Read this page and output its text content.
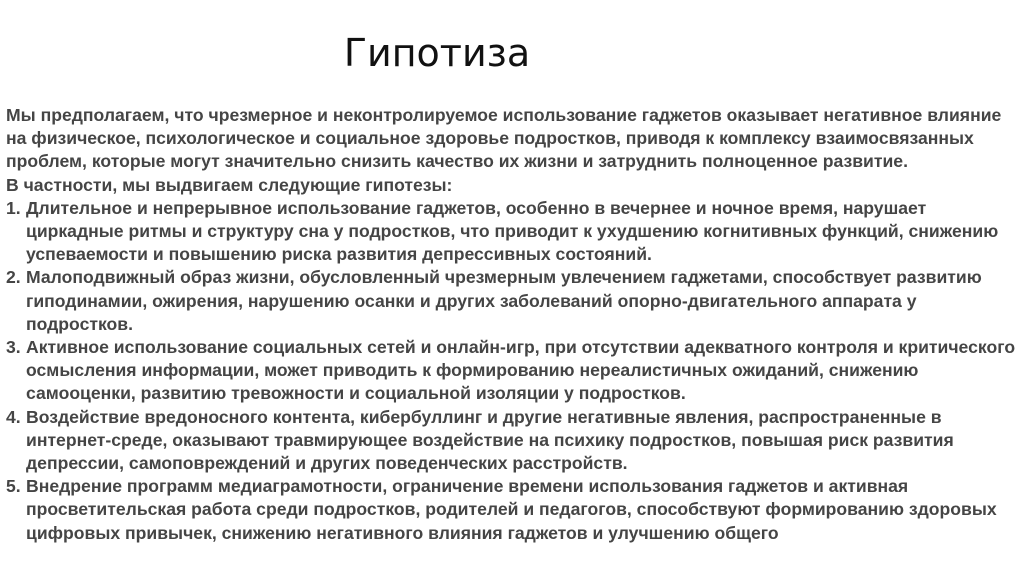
Гипотиза

Мы предполагаем, что чрезмерное и неконтролируемое использование гаджетов оказывает негативное влияние на физическое, психологическое и социальное здоровье подростков, приводя к комплексу взаимосвязанных проблем, которые могут значительно снизить качество их жизни и затруднить полноценное развитие.

В частности, мы выдвигаем следующие гипотезы:

1. Длительное и непрерывное использование гаджетов, особенно в вечернее и ночное время, нарушает циркадные ритмы и структуру сна у подростков, что приводит к ухудшению когнитивных функций, снижению успеваемости и повышению риска развития депрессивных состояний.
2. Малоподвижный образ жизни, обусловленный чрезмерным увлечением гаджетами, способствует развитию гиподинамии, ожирения, нарушению осанки и других заболеваний опорно-двигательного аппарата у подростков.
3. Активное использование социальных сетей и онлайн-игр, при отсутствии адекватного контроля и критического осмысления информации, может приводить к формированию нереалистичных ожиданий, снижению самооценки, развитию тревожности и социальной изоляции у подростков.
4. Воздействие вредоносного контента, кибербуллинг и другие негативные явления, распространенные в интернет-среде, оказывают травмирующее воздействие на психику подростков, повышая риск развития депрессии, самоповреждений и других поведенческих расстройств.
5. Внедрение программ медиаграмотности, ограничение времени использования гаджетов и активная просветительская работа среди подростков, родителей и педагогов, способствуют формированию здоровых цифровых привычек, снижению негативного влияния гаджетов и улучшению общего
